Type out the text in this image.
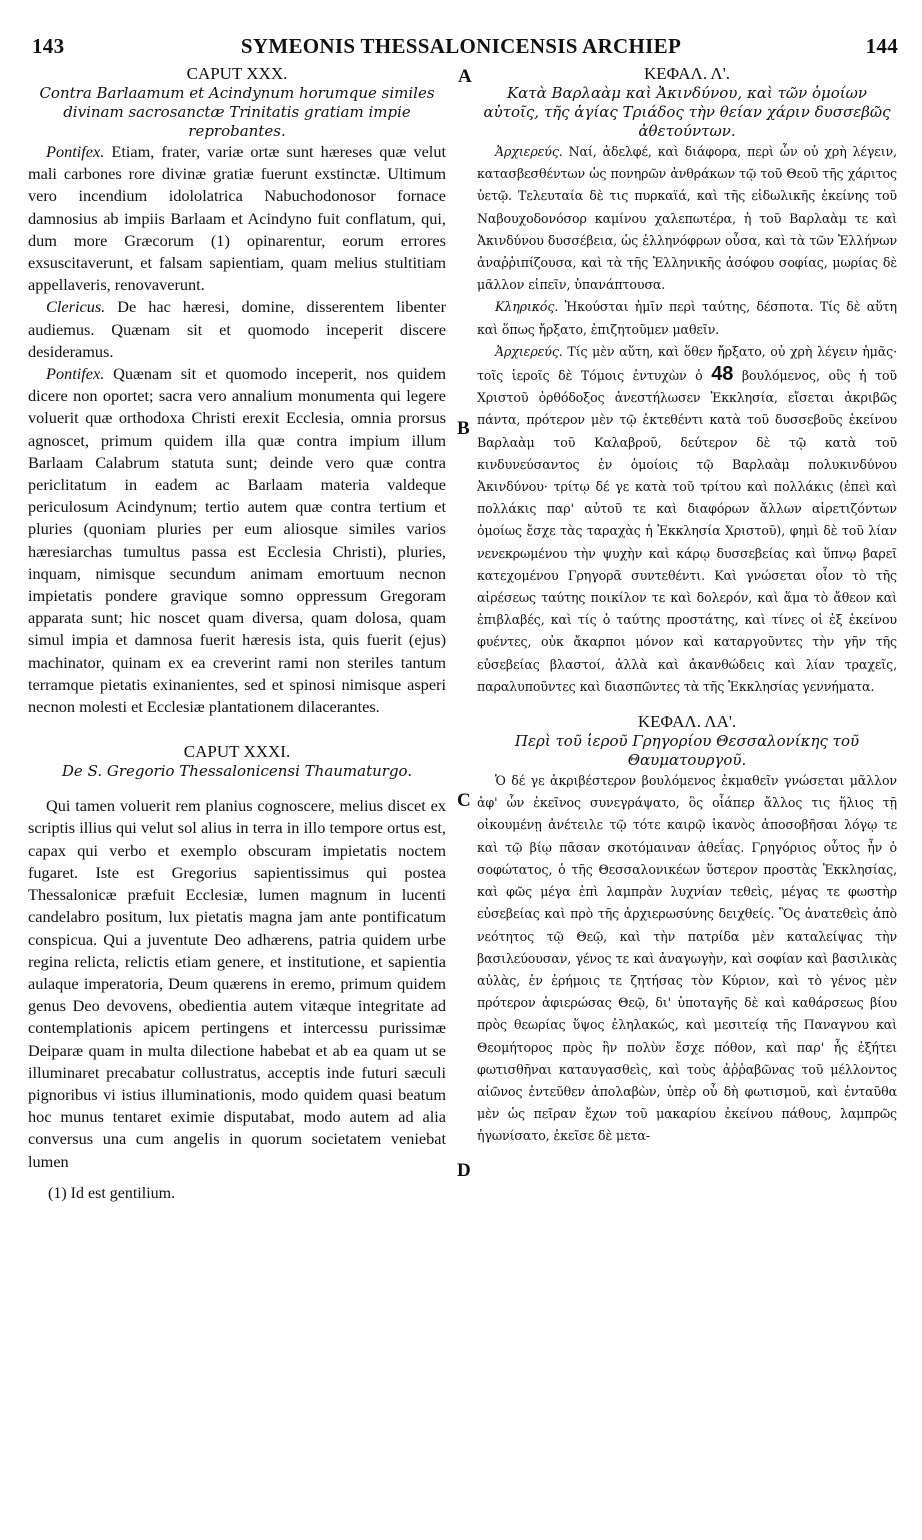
143	SYMEONIS THESSALONICENSIS ARCHIEP	144
A
B
C
D
CAPUT XXX.
Contra Barlaamum et Acindynum horumque similes divinam sacrosanctæ Trinitatis gratiam impie reprobantes.

Pontifex. Etiam, frater, variæ ortæ sunt hæreses quæ velut mali carbones rore divinæ gratiæ fuerunt exstinctæ. Ultimum vero incendium idololatrica Nabuchodonosor fornace damnosius ab impiis Barlaam et Acindyno fuit conflatum, qui, dum more Græcorum (1) opinarentur, eorum errores exsuscitaverunt, et falsam sapientiam, quam melius stultitiam appellaveris, renovaverunt.

Clericus. De hac hæresi, domine, disserentem libenter audiemus. Quænam sit et quomodo inceperit discere desideramus.

Pontifex. Quænam sit et quomodo inceperit, nos quidem dicere non oportet; sacra vero annalium monumenta qui legere voluerit quæ orthodoxa Christi erexit Ecclesia, omnia prorsus agnoscet, primum quidem illa quæ contra impium illum Barlaam Calabrum statuta sunt; deinde vero quæ contra periclitatum in eadem ac Barlaam materia valdeque periculosum Acindynum; tertio autem quæ contra tertium et pluries (quoniam pluries per eum aliosque similes varios hæresiarchas tumultus passa est Ecclesia Christi), pluries, inquam, nimisque secundum animam emortuum necnon impietatis pondere gravique somno oppressum Gregoram apparata sunt; hic noscet quam diversa, quam dolosa, quam simul impia et damnosa fuerit hæresis ista, quis fuerit (ejus) machinator, quinam ex ea creverint rami non steriles tantum terramque pietatis exinanientes, sed et spinosi nimisque asperi necnon molesti et Ecclesiæ plantationem dilacerantes.

CAPUT XXXI.
De S. Gregorio Thessalonicensi Thaumaturgo.

Qui tamen voluerit rem planius cognoscere, melius discet ex scriptis illius qui velut sol alius in terra in illo tempore ortus est, capax qui verbo et exemplo obscuram impietatis noctem fugaret. Iste est Gregorius sapientissimus qui postea Thessalonicæ præfuit Ecclesiæ, lumen magnum in lucenti candelabro positum, lux pietatis magna jam ante pontificatum conspicua. Qui a juventute Deo adhærens, patria quidem urbe regina relicta, relictis etiam genere, et institutione, et sapientia aulaque imperatoria, Deum quærens in eremo, primum quidem genus Deo devovens, obedientia autem vitæque integritate ad contemplationis apicem pertingens et intercessu purissimæ Deiparæ quam in multa dilectione habebat et ab ea quam ut se illuminaret precabatur collustratus, acceptis inde futuri sæculi pignoribus vi istius illuminationis, modo quidem quasi beatum hoc munus tentaret eximie disputabat, modo autem ad alia conversus una cum angelis in quorum societatem veniebat lumen

(1) Id est gentilium.
ΚΕΦΑΛ. Λ'.
Κατὰ Βαρλαὰμ καὶ Ἀκινδύνου, καὶ τῶν ὁμοίων αὐτοῖς, τῆς ἁγίας Τριάδος τὴν θείαν χάριν δυσσεβῶς ἀθετούντων.

Ἀρχιερεύς. Ναί, ἀδελφέ, καὶ διάφορα, περὶ ὧν οὐ χρὴ λέγειν, κατασβεσθέντων ὡς πονηρῶν ἀνθράκων τῷ τοῦ Θεοῦ τῆς χάριτος ὑετῷ. Τελευταία δὲ τις πυρκαϊά, καὶ τῆς εἰδωλικῆς ἐκείνης τοῦ Ναβουχοδονόσορ καμίνου χαλεπωτέρα, ἡ τοῦ Βαρλαὰμ τε καὶ Ἀκινδύνου δυσσέβεια, ὡς ἑλληνόφρων οὖσα, καὶ τὰ τῶν Ἑλλήνων ἀναῤῥιπίζουσα, καὶ τὰ τῆς Ἑλληνικῆς ἀσόφου σοφίας, μωρίας δὲ μᾶλλον εἰπεῖν, ὑπανάπτουσα.

Κληρικός. Ἠκούσται ἡμῖν περὶ ταύτης, δέσποτα. Τίς δὲ αὕτη καὶ ὅπως ἤρξατο, ἐπιζητοῦμεν μαθεῖν.

Ἀρχιερεύς. Τίς μὲν αὕτη, καὶ ὅθεν ἤρξατο, οὐ χρὴ λέγειν ἡμᾶς· τοῖς ἱεροῖς δὲ Τόμοις ἐντυχὼν ὁ 48 βουλόμενος, οὓς ἡ τοῦ Χριστοῦ ὀρθόδοξος ἀνεστήλωσεν Ἐκκλησία, εἴσεται ἀκριβῶς πάντα, πρότερον μὲν τῷ ἐκτεθέντι κατὰ τοῦ δυσσεβοῦς ἐκείνου Βαρλαὰμ τοῦ Καλαβροῦ, δεύτερον δὲ τῷ κατὰ τοῦ κινδυνεύσαντος ἐν ὁμοίοις τῷ Βαρλαὰμ πολυκινδύνου Ἀκινδύνου· τρίτῳ δέ γε κατὰ τοῦ τρίτου καὶ πολλάκις (ἐπεὶ καὶ πολλάκις παρ' αὐτοῦ τε καὶ διαφόρων ἄλλων αἱρετιζόντων ὁμοίως ἔσχε τὰς ταραχὰς ἡ Ἐκκλησία Χριστοῦ), φημὶ δὲ τοῦ λίαν νενεκρωμένου τὴν ψυχὴν καὶ κάρῳ δυσσεβείας καὶ ὕπνῳ βαρεῖ κατεχομένου Γρηγορᾶ συντεθέντι. Καὶ γνώσεται οἷον τὸ τῆς αἱρέσεως ταύτης ποικίλον τε καὶ δολερόν, καὶ ἅμα τὸ ἄθεον καὶ ἐπιβλαβές, καὶ τίς ὁ ταύτης προστάτης, καὶ τίνες οἱ ἐξ ἐκείνου φυέντες, οὐκ ἄκαρποι μόνον καὶ καταργοῦντες τὴν γῆν τῆς εὐσεβείας βλαστοί, ἀλλὰ καὶ ἀκανθώδεις καὶ λίαν τραχεῖς, παραλυποῦντες καὶ διασπῶντες τὰ τῆς Ἐκκλησίας γεννήματα.

ΚΕΦΑΛ. ΛΑ'.
Περὶ τοῦ ἱεροῦ Γρηγορίου Θεσσαλονίκης τοῦ Θαυματουργοῦ.

Ὁ δέ γε ἀκριβέστερον βουλόμενος ἐκμαθεῖν γνώσεται μᾶλλον ἀφ' ὧν ἐκεῖνος συνεγράψατο, ὃς οἷάπερ ἄλλος τις ἥλιος τῇ οἰκουμένῃ ἀνέτειλε τῷ τότε καιρῷ ἱκανὸς ἀποσοβῆσαι λόγῳ τε καὶ τῷ βίῳ πᾶσαν σκοτόμαιναν ἀθεΐας. Γρηγόριος οὗτος ἦν ὁ σοφώτατος, ὁ τῆς Θεσσαλονικέων ὕστερον προστὰς Ἐκκλησίας, καὶ φῶς μέγα ἐπὶ λαμπρὰν λυχνίαν τεθεὶς, μέγας τε φωστὴρ εὐσεβείας καὶ πρὸ τῆς ἀρχιερωσύνης δειχθείς. Ὃς ἀνατεθεὶς ἀπὸ νεότητος τῷ Θεῷ, καὶ τὴν πατρίδα μὲν καταλείψας τὴν βασιλεύουσαν, γένος τε καὶ ἀναγωγὴν, καὶ σοφίαν καὶ βασιλικὰς αὐλὰς, ἐν ἐρήμοις τε ζητήσας τὸν Κύριον, καὶ τὸ γένος μὲν πρότερον ἀφιερώσας Θεῷ, δι' ὑποταγῆς δὲ καὶ καθάρσεως βίου πρὸς θεωρίας ὕψος ἐληλακώς, καὶ μεσιτείᾳ τῆς Παναγνου καὶ Θεομήτορος πρὸς ἣν πολὺν ἔσχε πόθον, καὶ παρ' ἧς ἐξήτει φωτισθῆναι καταυγασθεὶς, καὶ τοὺς ἀῤῥαβῶνας τοῦ μέλλοντος αἰῶνος ἐντεῦθεν ἀπολαβὼν, ὑπὲρ οὗ δὴ φωτισμοῦ, καὶ ἐνταῦθα μὲν ὡς πεῖραν ἔχων τοῦ μακαρίου ἐκείνου πάθους, λαμπρῶς ἠγωνίσατο, ἐκεῖσε δὲ μετα-
